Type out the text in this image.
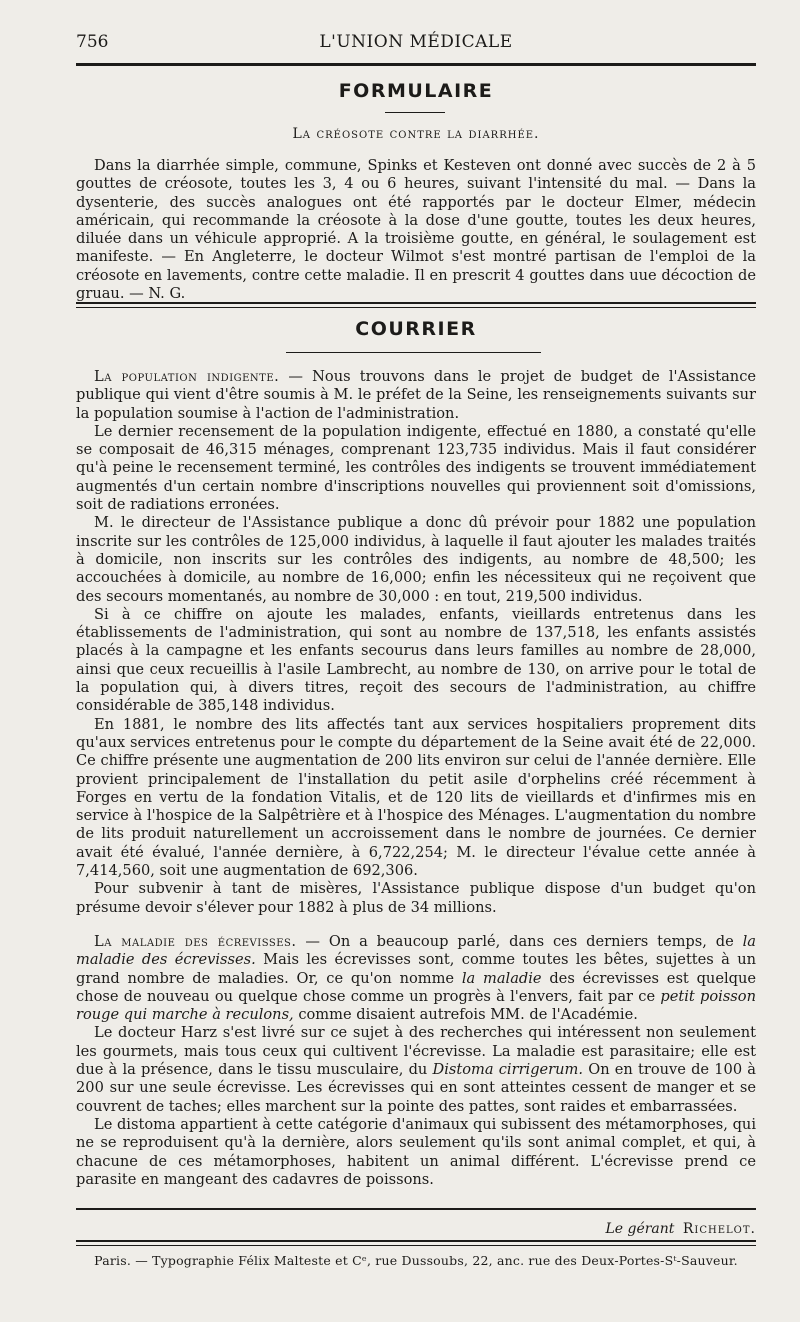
756	L'UNION MÉDICALE
FORMULAIRE
La créosote contre la diarrhée.

Dans la diarrhée simple, commune, Spinks et Kesteven ont donné avec succès de 2 à 5 gouttes de créosote, toutes les 3, 4 ou 6 heures, suivant l'intensité du mal. — Dans la dysenterie, des succès analogues ont été rapportés par le docteur Elmer, médecin américain, qui recommande la créosote à la dose d'une goutte, toutes les deux heures, diluée dans un véhicule approprié. A la troisième goutte, en général, le soulagement est manifeste. — En Angleterre, le docteur Wilmot s'est montré partisan de l'emploi de la créosote en lavements, contre cette maladie. Il en prescrit 4 gouttes dans uue décoction de gruau. — N. G.

COURRIER

La population indigente. — Nous trouvons dans le projet de budget de l'Assistance publique qui vient d'être soumis à M. le préfet de la Seine, les renseignements suivants sur la population soumise à l'action de l'administration.

Le dernier recensement de la population indigente, effectué en 1880, a constaté qu'elle se composait de 46,315 ménages, comprenant 123,735 individus. Mais il faut considérer qu'à peine le recensement terminé, les contrôles des indigents se trouvent immédiatement augmentés d'un certain nombre d'inscriptions nouvelles qui proviennent soit d'omissions, soit de radiations erronées.

M. le directeur de l'Assistance publique a donc dû prévoir pour 1882 une population inscrite sur les contrôles de 125,000 individus, à laquelle il faut ajouter les malades traités à domicile, non inscrits sur les contrôles des indigents, au nombre de 48,500; les accouchées à domicile, au nombre de 16,000; enfin les nécessiteux qui ne reçoivent que des secours momentanés, au nombre de 30,000 : en tout, 219,500 individus.

Si à ce chiffre on ajoute les malades, enfants, vieillards entretenus dans les établissements de l'administration, qui sont au nombre de 137,518, les enfants assistés placés à la campagne et les enfants secourus dans leurs familles au nombre de 28,000, ainsi que ceux recueillis à l'asile Lambrecht, au nombre de 130, on arrive pour le total de la population qui, à divers titres, reçoit des secours de l'administration, au chiffre considérable de 385,148 individus.

En 1881, le nombre des lits affectés tant aux services hospitaliers proprement dits qu'aux services entretenus pour le compte du département de la Seine avait été de 22,000. Ce chiffre présente une augmentation de 200 lits environ sur celui de l'année dernière. Elle provient principalement de l'installation du petit asile d'orphelins créé récemment à Forges en vertu de la fondation Vitalis, et de 120 lits de vieillards et d'infirmes mis en service à l'hospice de la Salpêtrière et à l'hospice des Ménages. L'augmentation du nombre de lits produit naturellement un accroissement dans le nombre de journées. Ce dernier avait été évalué, l'année dernière, à 6,722,254; M. le directeur l'évalue cette année à 7,414,560, soit une augmentation de 692,306.

Pour subvenir à tant de misères, l'Assistance publique dispose d'un budget qu'on présume devoir s'élever pour 1882 à plus de 34 millions.

La maladie des écrevisses. — On a beaucoup parlé, dans ces derniers temps, de la maladie des écrevisses. Mais les écrevisses sont, comme toutes les bêtes, sujettes à un grand nombre de maladies. Or, ce qu'on nomme la maladie des écrevisses est quelque chose de nouveau ou quelque chose comme un progrès à l'envers, fait par ce petit poisson rouge qui marche à reculons, comme disaient autrefois MM. de l'Académie.

Le docteur Harz s'est livré sur ce sujet à des recherches qui intéressent non seulement les gourmets, mais tous ceux qui cultivent l'écrevisse. La maladie est parasitaire; elle est due à la présence, dans le tissu musculaire, du Distoma cirrigerum. On en trouve de 100 à 200 sur une seule écrevisse. Les écrevisses qui en sont atteintes cessent de manger et se couvrent de taches; elles marchent sur la pointe des pattes, sont raides et embarrassées.

Le distoma appartient à cette catégorie d'animaux qui subissent des métamorphoses, qui ne se reproduisent qu'à la dernière, alors seulement qu'ils sont animal complet, et qui, à chacune de ces métamorphoses, habitent un animal différent. L'écrevisse prend ce parasite en mangeant des cadavres de poissons.

Le gérant Richelot.
Paris. — Typographie Félix Malteste et Cᵉ, rue Dussoubs, 22, anc. rue des Deux-Portes-Sᵗ-Sauveur.
